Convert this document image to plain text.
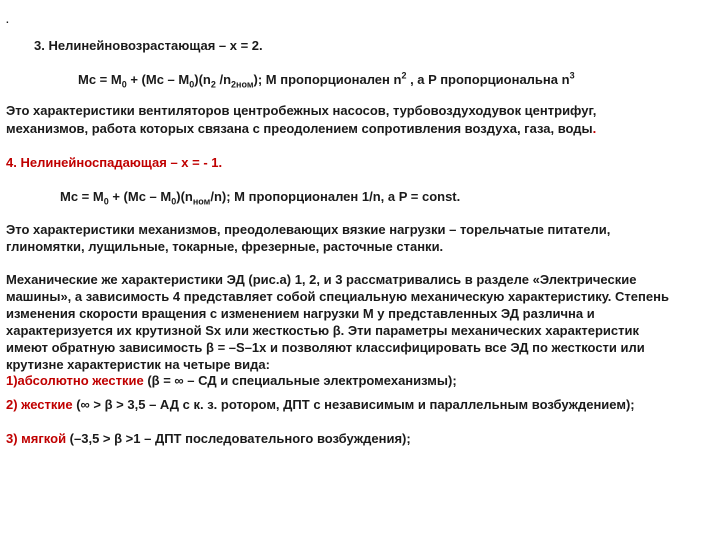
.
3. Нелинейновозрастающая – x = 2.
$Mc = M_0 + (Mc - M_0)(n_2$ $/n_{2ном}$); M пропорционален $n^2$ , а P пропорциональна $n^3$
Это характеристики вентиляторов центробежных насосов, турбовоздуходувок центрифуг,
механизмов, работа которых связана с преодолением сопротивления воздуха, газа, воды.
4. Нелинейноспадающая – x = - 1.
$Mc = M_0 + (Mc - M_0)(n_{ном}/n)$; M пропорционален 1/n, а P = const.
Это характеристики механизмов, преодолевающих вязкие нагрузки – торельчатые питатели,
глиномятки, лущильные, токарные, фрезерные, расточные станки.
Механические же характеристики ЭД (рис.а) 1, 2, и 3 рассматривались в разделе «Электрические
машины», а зависимость 4 представляет собой специальную механическую характеристику. Степень
изменения скорости вращения с изменением нагрузки M у представленных ЭД различна и
характеризуется их крутизной Sx или жесткостью β. Эти параметры механических характеристик
имеют обратную зависимость β = –S–1x и позволяют классифицировать все ЭД по жесткости или
крутизне характеристик на четыре вида:
1)абсолютно жесткие (β = ∞ – СД и специальные электромеханизмы);
2) жесткие (∞ > β > 3,5 – АД с к. з. ротором, ДПТ с независимым и параллельным возбуждением);
3) мягкой (–3,5 > β >1 – ДПТ последовательного возбуждения);
